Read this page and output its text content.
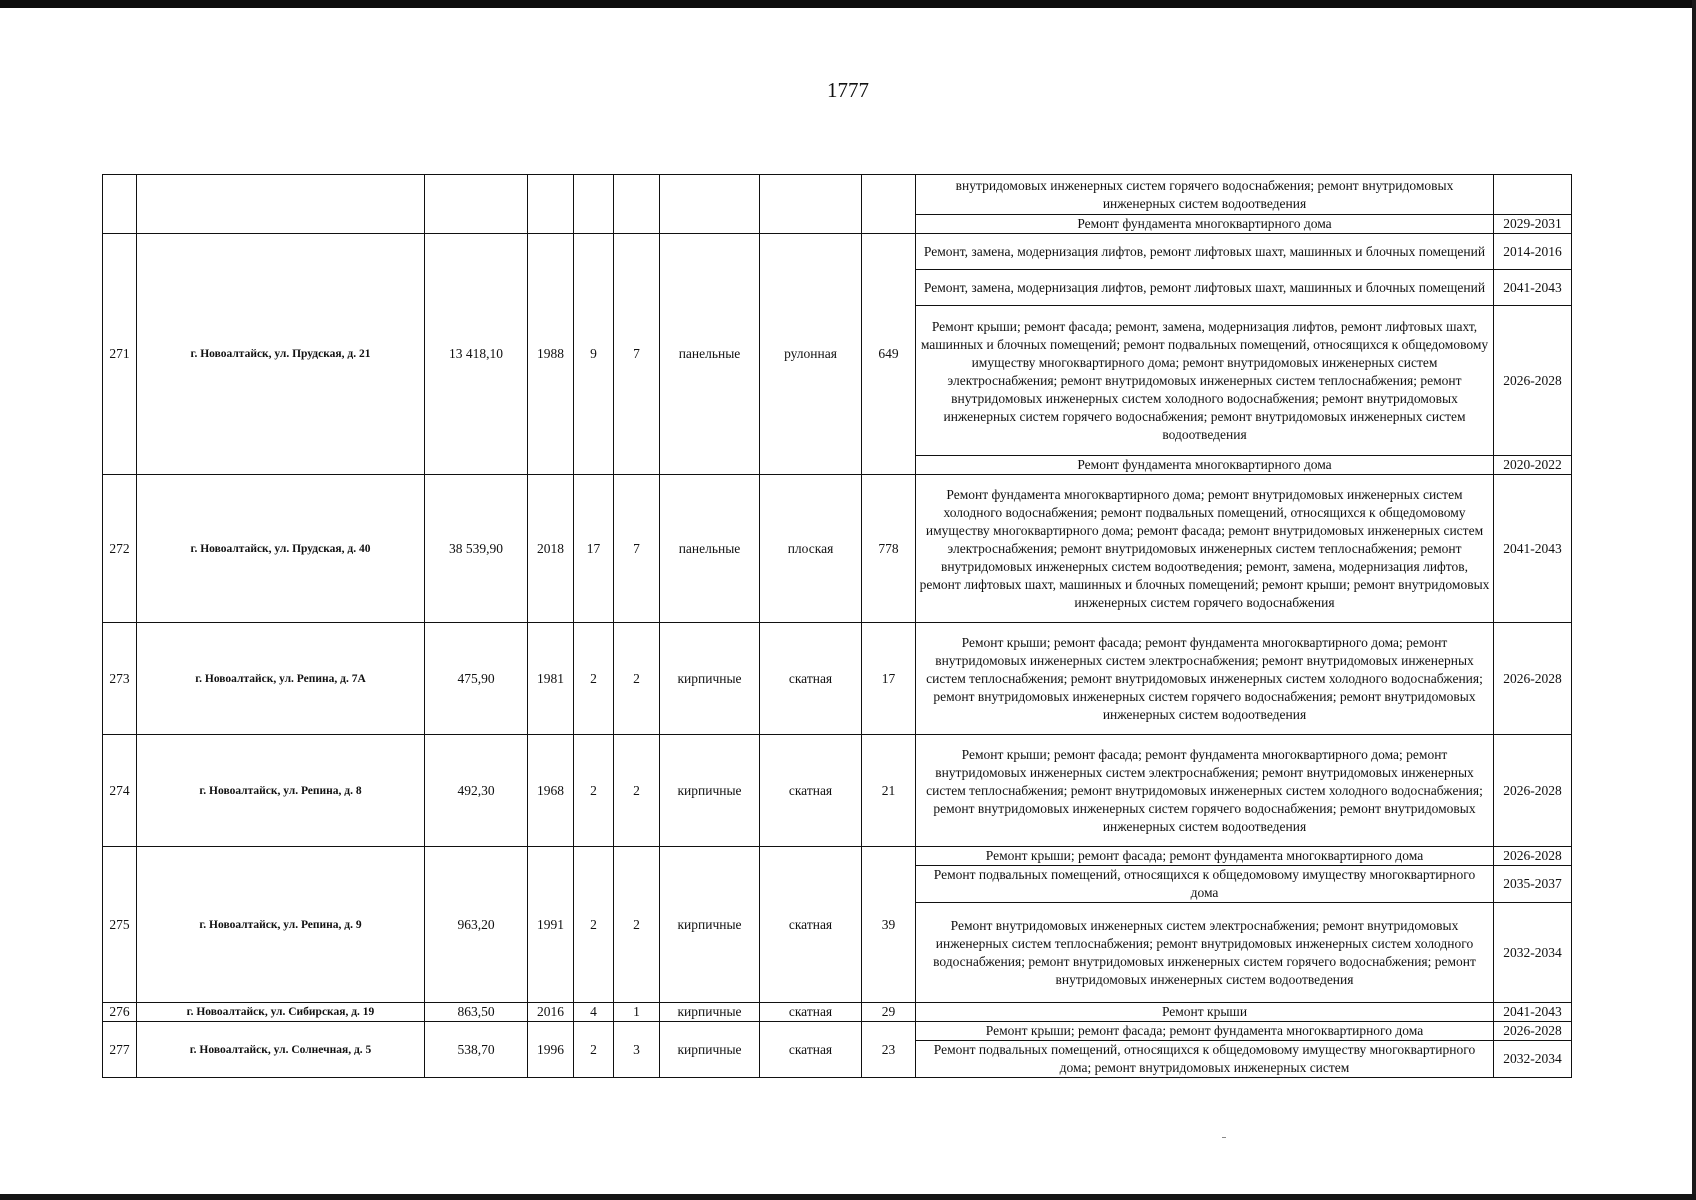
1777
									внутридомовых инженерных систем горячего водоснабжения; ремонт внутридомовых инженерных систем водоотведения	
									Ремонт фундамента многоквартирного дома	2029-2031
271	г. Новоалтайск, ул. Прудская, д. 21	13 418,10	1988	9	7	панельные	рулонная	649	Ремонт, замена, модернизация лифтов, ремонт лифтовых шахт, машинных и блочных помещений	2014-2016
									Ремонт, замена, модернизация лифтов, ремонт лифтовых шахт, машинных и блочных помещений	2041-2043
									Ремонт крыши; ремонт фасада; ремонт, замена, модернизация лифтов, ремонт лифтовых шахт, машинных и блочных помещений; ремонт подвальных помещений, относящихся к общедомовому имуществу многоквартирного дома; ремонт внутридомовых инженерных систем электроснабжения; ремонт внутридомовых инженерных систем теплоснабжения; ремонт внутридомовых инженерных систем холодного водоснабжения; ремонт внутридомовых инженерных систем горячего водоснабжения; ремонт внутридомовых инженерных систем водоотведения	2026-2028
									Ремонт фундамента многоквартирного дома	2020-2022
272	г. Новоалтайск, ул. Прудская, д. 40	38 539,90	2018	17	7	панельные	плоская	778	Ремонт фундамента многоквартирного дома; ремонт внутридомовых инженерных систем холодного водоснабжения; ремонт подвальных помещений, относящихся к общедомовому имуществу многоквартирного дома; ремонт фасада; ремонт внутридомовых инженерных систем электроснабжения; ремонт внутридомовых инженерных систем теплоснабжения; ремонт внутридомовых инженерных систем водоотведения; ремонт, замена, модернизация лифтов, ремонт лифтовых шахт, машинных и блочных помещений; ремонт крыши; ремонт внутридомовых инженерных систем горячего водоснабжения	2041-2043
273	г. Новоалтайск, ул. Репина, д. 7А	475,90	1981	2	2	кирпичные	скатная	17	Ремонт крыши; ремонт фасада; ремонт фундамента многоквартирного дома; ремонт внутридомовых инженерных систем электроснабжения; ремонт внутридомовых инженерных систем теплоснабжения; ремонт внутридомовых инженерных систем холодного водоснабжения; ремонт внутридомовых инженерных систем горячего водоснабжения; ремонт внутридомовых инженерных систем водоотведения	2026-2028
274	г. Новоалтайск, ул. Репина, д. 8	492,30	1968	2	2	кирпичные	скатная	21	Ремонт крыши; ремонт фасада; ремонт фундамента многоквартирного дома; ремонт внутридомовых инженерных систем электроснабжения; ремонт внутридомовых инженерных систем теплоснабжения; ремонт внутридомовых инженерных систем холодного водоснабжения; ремонт внутридомовых инженерных систем горячего водоснабжения; ремонт внутридомовых инженерных систем водоотведения	2026-2028
275	г. Новоалтайск, ул. Репина, д. 9	963,20	1991	2	2	кирпичные	скатная	39	Ремонт крыши; ремонт фасада; ремонт фундамента многоквартирного дома	2026-2028
									Ремонт подвальных помещений, относящихся к общедомовому имуществу многоквартирного дома	2035-2037
									Ремонт внутридомовых инженерных систем электроснабжения; ремонт внутридомовых инженерных систем теплоснабжения; ремонт внутридомовых инженерных систем холодного водоснабжения; ремонт внутридомовых инженерных систем горячего водоснабжения; ремонт внутридомовых инженерных систем водоотведения	2032-2034
276	г. Новоалтайск, ул. Сибирская, д. 19	863,50	2016	4	1	кирпичные	скатная	29	Ремонт крыши	2041-2043
277	г. Новоалтайск, ул. Солнечная, д. 5	538,70	1996	2	3	кирпичные	скатная	23	Ремонт крыши; ремонт фасада; ремонт фундамента многоквартирного дома	2026-2028
									Ремонт подвальных помещений, относящихся к общедомовому имуществу многоквартирного дома; ремонт внутридомовых инженерных систем	2032-2034
